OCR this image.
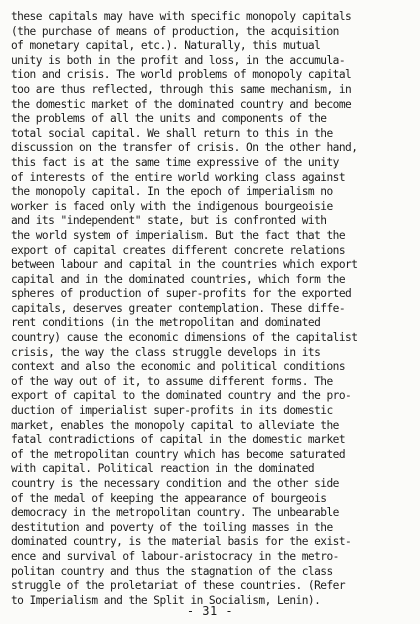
these capitals may have with specific monopoly capitals
(the purchase of means of production, the acquisition
of monetary capital, etc.). Naturally, this mutual
unity is both in the profit and loss, in the accumula-
tion and crisis. The world problems of monopoly capital
too are thus reflected, through this same mechanism, in
the domestic market of the dominated country and become
the problems of all the units and components of the
total social capital. We shall return to this in the
discussion on the transfer of crisis. On the other hand,
this fact is at the same time expressive of the unity
of interests of the entire world working class against
the monopoly capital. In the epoch of imperialism no
worker is faced only with the indigenous bourgeoisie
and its "independent" state, but is confronted with
the world system of imperialism. But the fact that the
export of capital creates different concrete relations
between labour and capital in the countries which export
capital and in the dominated countries, which form the
spheres of production of super-profits for the exported
capitals, deserves greater contemplation. These diffe-
rent conditions (in the metropolitan and dominated
country) cause the economic dimensions of the capitalist
crisis, the way the class struggle develops in its
context and also the economic and political conditions
of the way out of it, to assume different forms. The
export of capital to the dominated country and the pro-
duction of imperialist super-profits in its domestic
market, enables the monopoly capital to alleviate the
fatal contradictions of capital in the domestic market
of the metropolitan country which has become saturated
with capital. Political reaction in the dominated
country is the necessary condition and the other side
of the medal of keeping the appearance of bourgeois
democracy in the metropolitan country. The unbearable
destitution and poverty of the toiling masses in the
dominated country, is the material basis for the exist-
ence and survival of labour-aristocracy in the metro-
politan country and thus the stagnation of the class
struggle of the proletariat of these countries. (Refer
to Imperialism and the Split in Socialism, Lenin).
- 31 -
